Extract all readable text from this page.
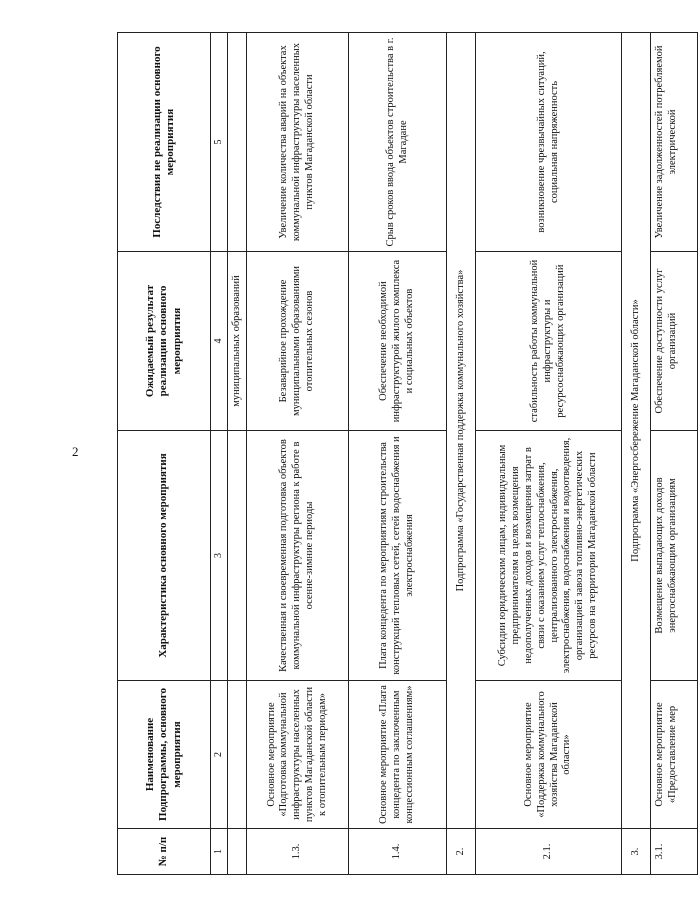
2
№ п/п	Наименование Подпрограммы, основного мероприятия	Характеристика основного мероприятия	Ожидаемый результат реализации основного мероприятия	Последствия не реализации основного мероприятия
1	2	3	4	5
			муниципальных образований	
1.3.	Основное мероприятие «Подготовка коммунальной инфраструктуры населенных пунктов Магаданской области к отопительным периодам»	Качественная и своевременная подготовка объектов коммунальной инфраструктуры региона к работе в осенне-зимние периоды	Безаварийное прохождение муниципальными образованиями отопительных сезонов	Увеличение количества аварий на объектах коммунальной инфраструктуры населенных пунктов Магаданской области
1.4.	Основное мероприятие «Плата концедента по заключенным концессионным соглашениям»	Плата концедента по мероприятиям строительства конструкций тепловых сетей, сетей водоснабжения и электроснабжения	Обеспечение необходимой инфраструктурой жилого комплекса и социальных объектов	Срыв сроков ввода объектов строительства в г. Магадане
2.	Подпрограмма «Государственная поддержка коммунального хозяйства»			
2.1.	Основное мероприятие «Поддержка коммунального хозяйства Магаданской области»	Субсидии юридическим лицам, индивидуальным предпринимателям в целях возмещения недополученных доходов и возмещения затрат в связи с оказанием услуг теплоснабжения, централизованного электроснабжения, электроснабжения, водоснабжения и водоотведения, организацией завоза топливно-энергетических ресурсов на территории Магаданской области	стабильность работы коммунальной инфраструктуры и ресурсоснабжающих организаций	возникновение чрезвычайных ситуаций, социальная напряженность
3.	Подпрограмма «Энергосбережение Магаданской области»			
3.1.	Основное мероприятие «Предоставление мер	Возмещение выпадающих доходов энергоснабжающим организациям	Обеспечение доступности услуг организаций	Увеличение задолженностей потребляемой электрической
